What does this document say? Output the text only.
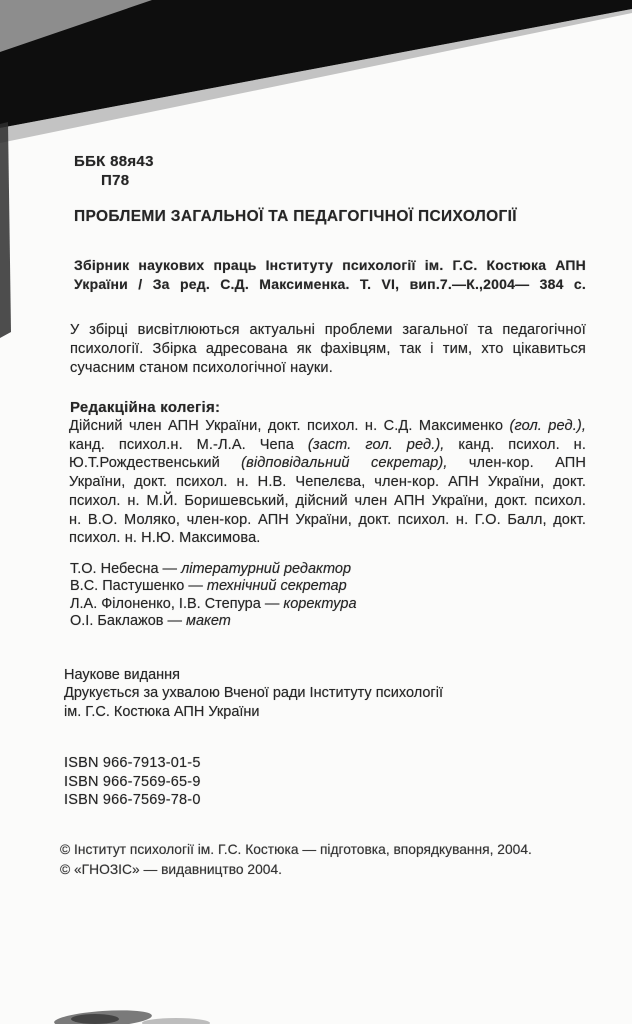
ББК 88я43
П78
ПРОБЛЕМИ ЗАГАЛЬНОЇ ТА ПЕДАГОГІЧНОЇ ПСИХОЛОГІЇ
Збірник наукових праць Інституту психології ім. Г.С. Костюка АПН
України / За ред. С.Д. Максименка. Т. VI, вип.7.—К.,2004— 384 с.
У збірці висвітлюються актуальні проблеми загальної та педагогічної
психології. Збірка адресована як фахівцям, так і тим, хто цікавиться
сучасним станом психологічної науки.
Редакційна колегія:
Дійсний член АПН України, докт. психол. н. С.Д. Максименко (гол. ред.),
канд. психол.н. М.-Л.А. Чепа (заст. гол. ред.), канд. психол. н.
Ю.Т.Рождественський (відповідальний секретар), член-кор. АПН
України, докт. психол. н. Н.В. Чепелєва, член-кор. АПН України, докт.
психол. н. М.Й. Боришевський, дійсний член АПН України, докт. психол.
н. В.О. Моляко, член-кор. АПН України, докт. психол. н. Г.О. Балл, докт.
психол. н. Н.Ю. Максимова.
Т.О. Небесна — літературний редактор
В.С. Пастушенко — технічний секретар
Л.А. Філоненко, І.В. Степура — коректура
О.І. Баклажов — макет
Наукове видання
Друкується за ухвалою Вченої ради Інституту психології
ім. Г.С. Костюка АПН України
ISBN 966-7913-01-5
ISBN 966-7569-65-9
ISBN 966-7569-78-0
© Інститут психології ім. Г.С. Костюка — підготовка, впорядкування, 2004.
© «ГНОЗІС» — видавництво 2004.
